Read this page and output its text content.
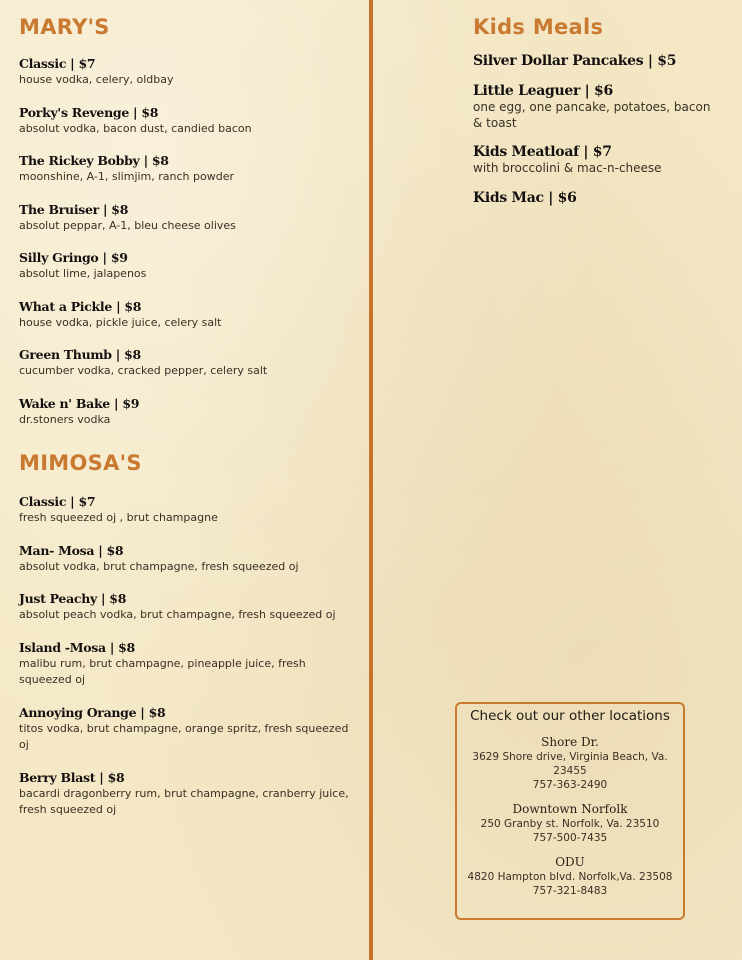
MARY'S
Classic | $7
house vodka, celery, oldbay
Porky's Revenge | $8
absolut vodka, bacon dust, candied bacon
The Rickey Bobby | $8
moonshine, A-1, slimjim, ranch powder
The Bruiser | $8
absolut peppar, A-1, bleu cheese olives
Silly Gringo | $9
absolut lime, jalapenos
What a Pickle | $8
house vodka, pickle juice, celery salt
Green Thumb | $8
cucumber vodka, cracked pepper, celery salt
Wake n' Bake | $9
dr.stoners vodka
MIMOSA'S
Classic | $7
fresh squeezed oj , brut champagne
Man- Mosa | $8
absolut vodka, brut champagne, fresh squeezed oj
Just Peachy | $8
absolut peach vodka, brut champagne, fresh squeezed oj
Island -Mosa | $8
malibu rum, brut champagne, pineapple juice, fresh squeezed oj
Annoying Orange | $8
titos vodka, brut champagne, orange spritz, fresh squeezed oj
Berry Blast | $8
bacardi dragonberry rum, brut champagne, cranberry juice, fresh squeezed oj
Kids Meals
Silver Dollar Pancakes | $5
Little Leaguer | $6
one egg, one pancake, potatoes, bacon & toast
Kids Meatloaf | $7
with broccolini & mac-n-cheese
Kids Mac | $6
Check out our other locations
Shore Dr.
3629 Shore drive, Virginia Beach, Va. 23455
757-363-2490
Downtown Norfolk
250 Granby st. Norfolk, Va. 23510
757-500-7435
ODU
4820 Hampton blvd. Norfolk,Va. 23508
757-321-8483
